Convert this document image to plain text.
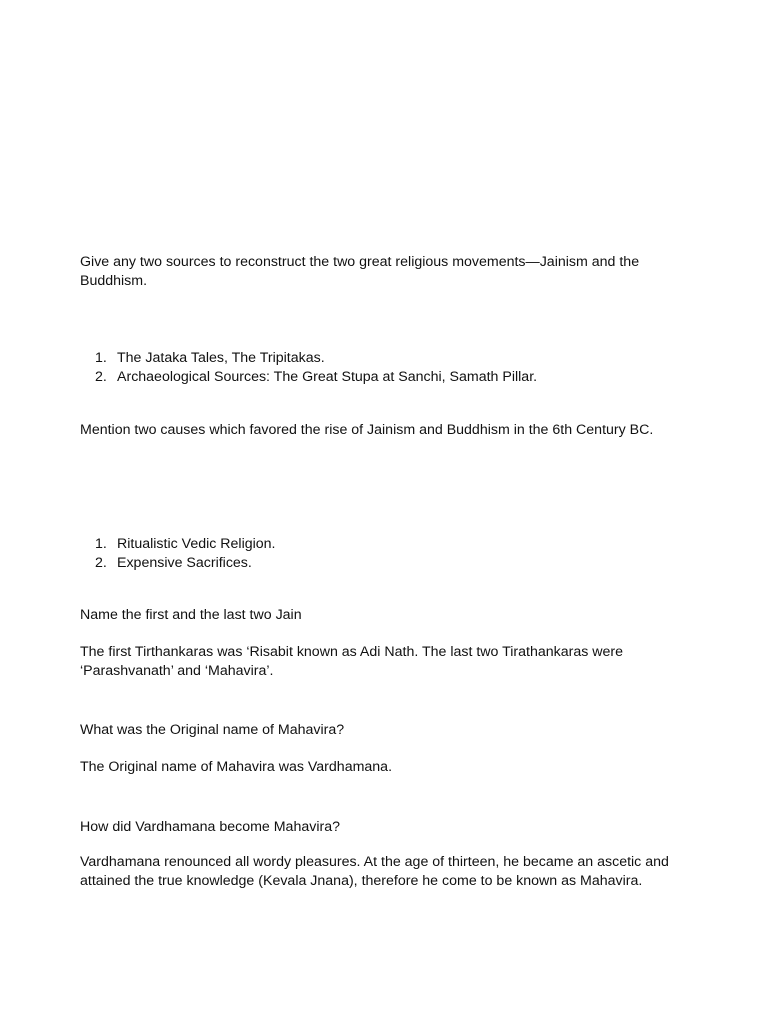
Give any two sources to reconstruct the two great religious movements—Jainism and the Buddhism.

1. The Jataka Tales, The Tripitakas.
2. Archaeological Sources: The Great Stupa at Sanchi, Samath Pillar.

Mention two causes which favored the rise of Jainism and Buddhism in the 6th Century BC.

1. Ritualistic Vedic Religion.
2. Expensive Sacrifices.

Name the first and the last two Jain

The first Tirthankaras was ‘Risabit known as Adi Nath. The last two Tirathankaras were ‘Parashvanath’ and ‘Mahavira’.

What was the Original name of Mahavira?

The Original name of Mahavira was Vardhamana.

How did Vardhamana become Mahavira?

Vardhamana renounced all wordy pleasures. At the age of thirteen, he became an ascetic and attained the true knowledge (Kevala Jnana), therefore he come to be known as Mahavira.
